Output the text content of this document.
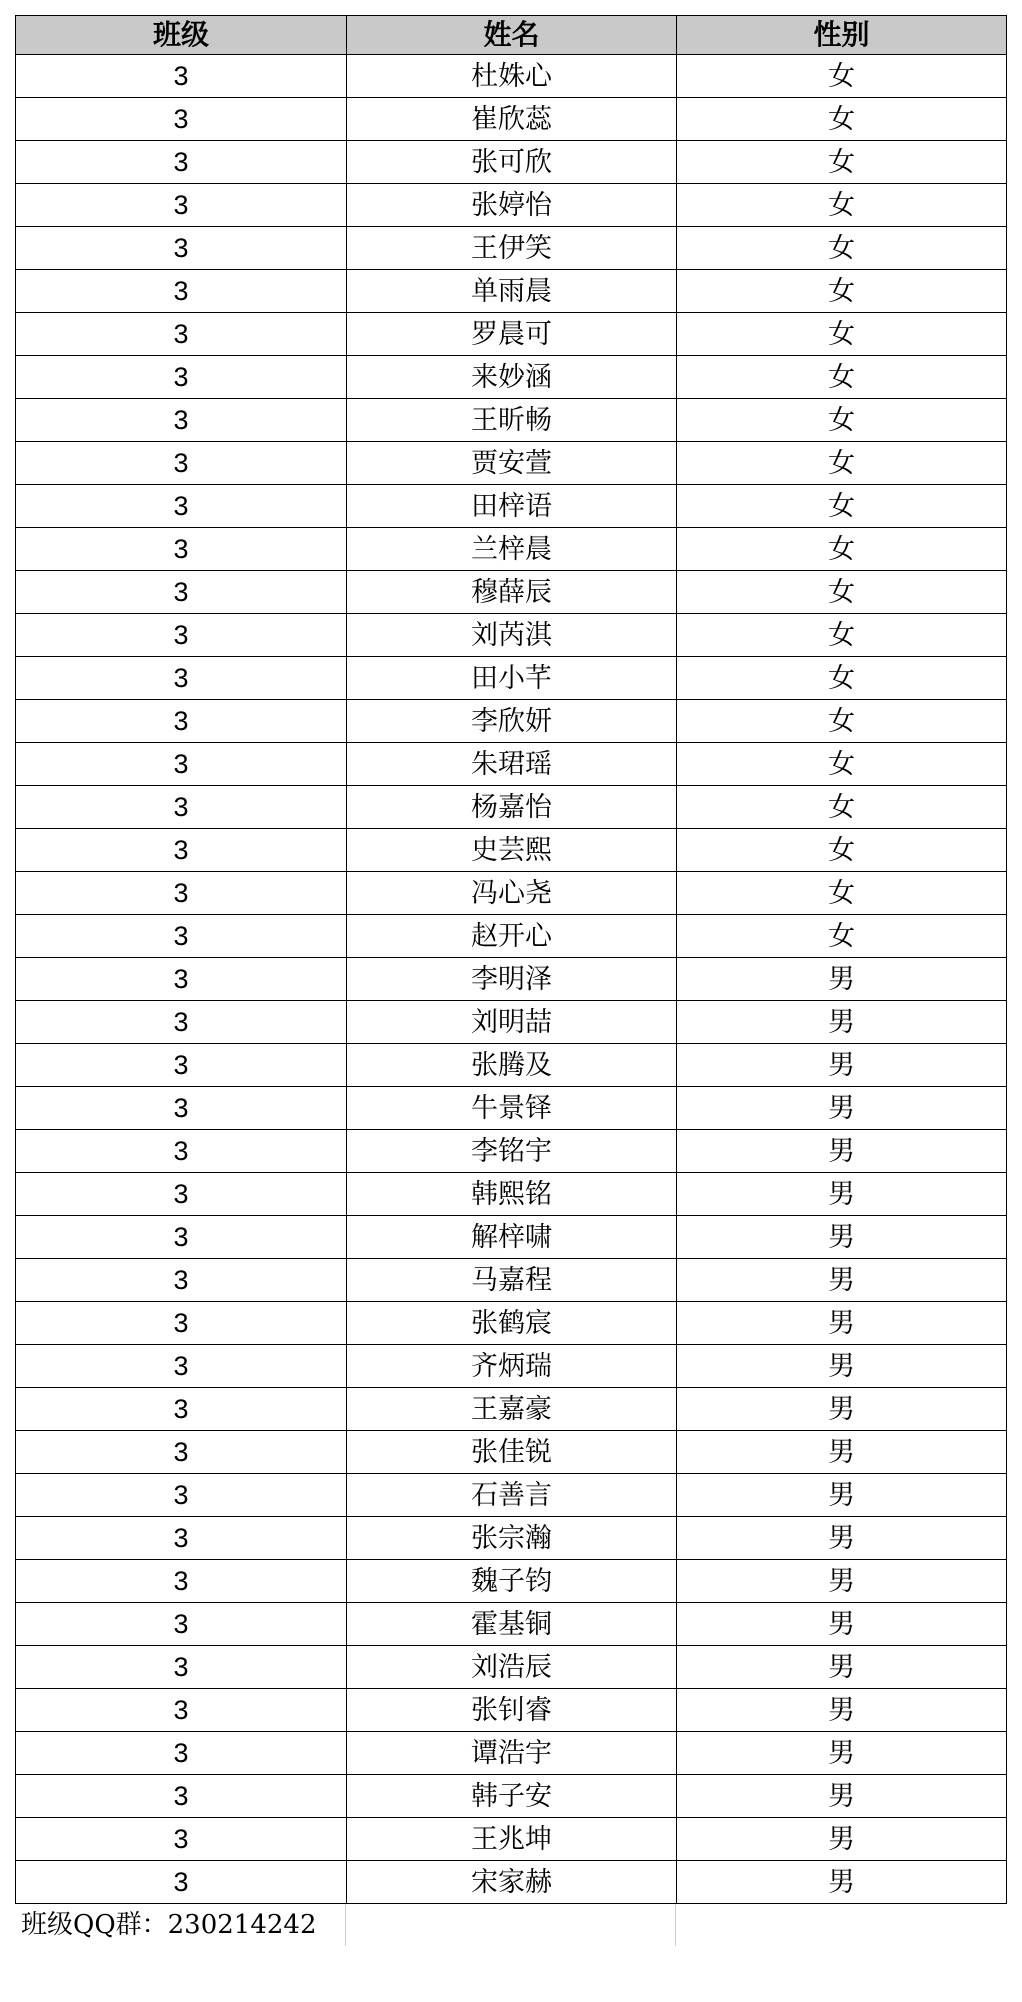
班级	姓名	性别
3	杜姝心	女
3	崔欣蕊	女
3	张可欣	女
3	张婷怡	女
3	王伊笑	女
3	单雨晨	女
3	罗晨可	女
3	来妙涵	女
3	王昕畅	女
3	贾安萱	女
3	田梓语	女
3	兰梓晨	女
3	穆薛辰	女
3	刘芮淇	女
3	田小芊	女
3	李欣妍	女
3	朱珺瑶	女
3	杨嘉怡	女
3	史芸熙	女
3	冯心尧	女
3	赵开心	女
3	李明泽	男
3	刘明喆	男
3	张腾及	男
3	牛景铎	男
3	李铭宇	男
3	韩熙铭	男
3	解梓啸	男
3	马嘉程	男
3	张鹤宸	男
3	齐炳瑞	男
3	王嘉豪	男
3	张佳锐	男
3	石善言	男
3	张宗瀚	男
3	魏子钧	男
3	霍基铜	男
3	刘浩辰	男
3	张钊睿	男
3	谭浩宇	男
3	韩子安	男
3	王兆坤	男
3	宋家赫	男
班级QQ群：230214242
